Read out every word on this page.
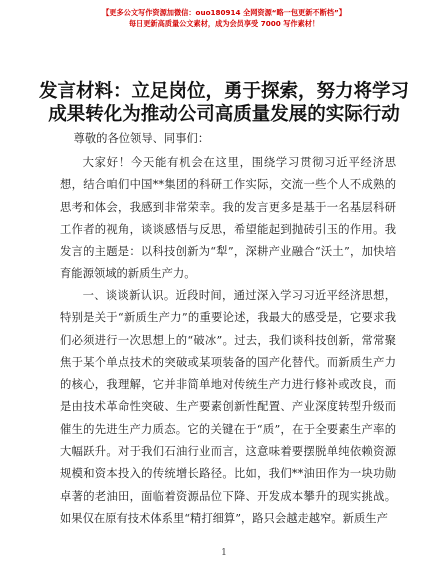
【更多公文写作资源加微信：ouo180914 全网资源“略一包更新不断档”】
每日更新高质量公文素材，成为会员享受 7000 写作素材！
发言材料：立足岗位，勇于探索，努力将学习
成果转化为推动公司高质量发展的实际行动

尊敬的各位领导、同事们：

大家好！今天能有机会在这里，围绕学习贯彻习近平经济思想，结合咱们中国**集团的科研工作实际，交流一些个人不成熟的思考和体会，我感到非常荣幸。我的发言更多是基于一名基层科研工作者的视角，谈谈感悟与反思，希望能起到抛砖引玉的作用。我发言的主题是：以科技创新为“犁”，深耕产业融合“沃土”，加快培育能源领域的新质生产力。

一、谈谈新认识。近段时间，通过深入学习习近平经济思想，特别是关于“新质生产力”的重要论述，我最大的感受是，它要求我们必须进行一次思想上的“破冰”。过去，我们谈科技创新，常常聚焦于某个单点技术的突破或某项装备的国产化替代。而新质生产力的核心，我理解，它并非简单地对传统生产力进行修补或改良，而是由技术革命性突破、生产要素创新性配置、产业深度转型升级而催生的先进生产力质态。它的关键在于“质”，在于全要素生产率的大幅跃升。对于我们石油行业而言，这意味着要摆脱单纯依赖资源规模和资本投入的传统增长路径。比如，我们**油田作为一块功勋卓著的老油田，面临着资源品位下降、开发成本攀升的现实挑战。如果仅在原有技术体系里“精打细算”，路只会越走越窄。新质生产

1
